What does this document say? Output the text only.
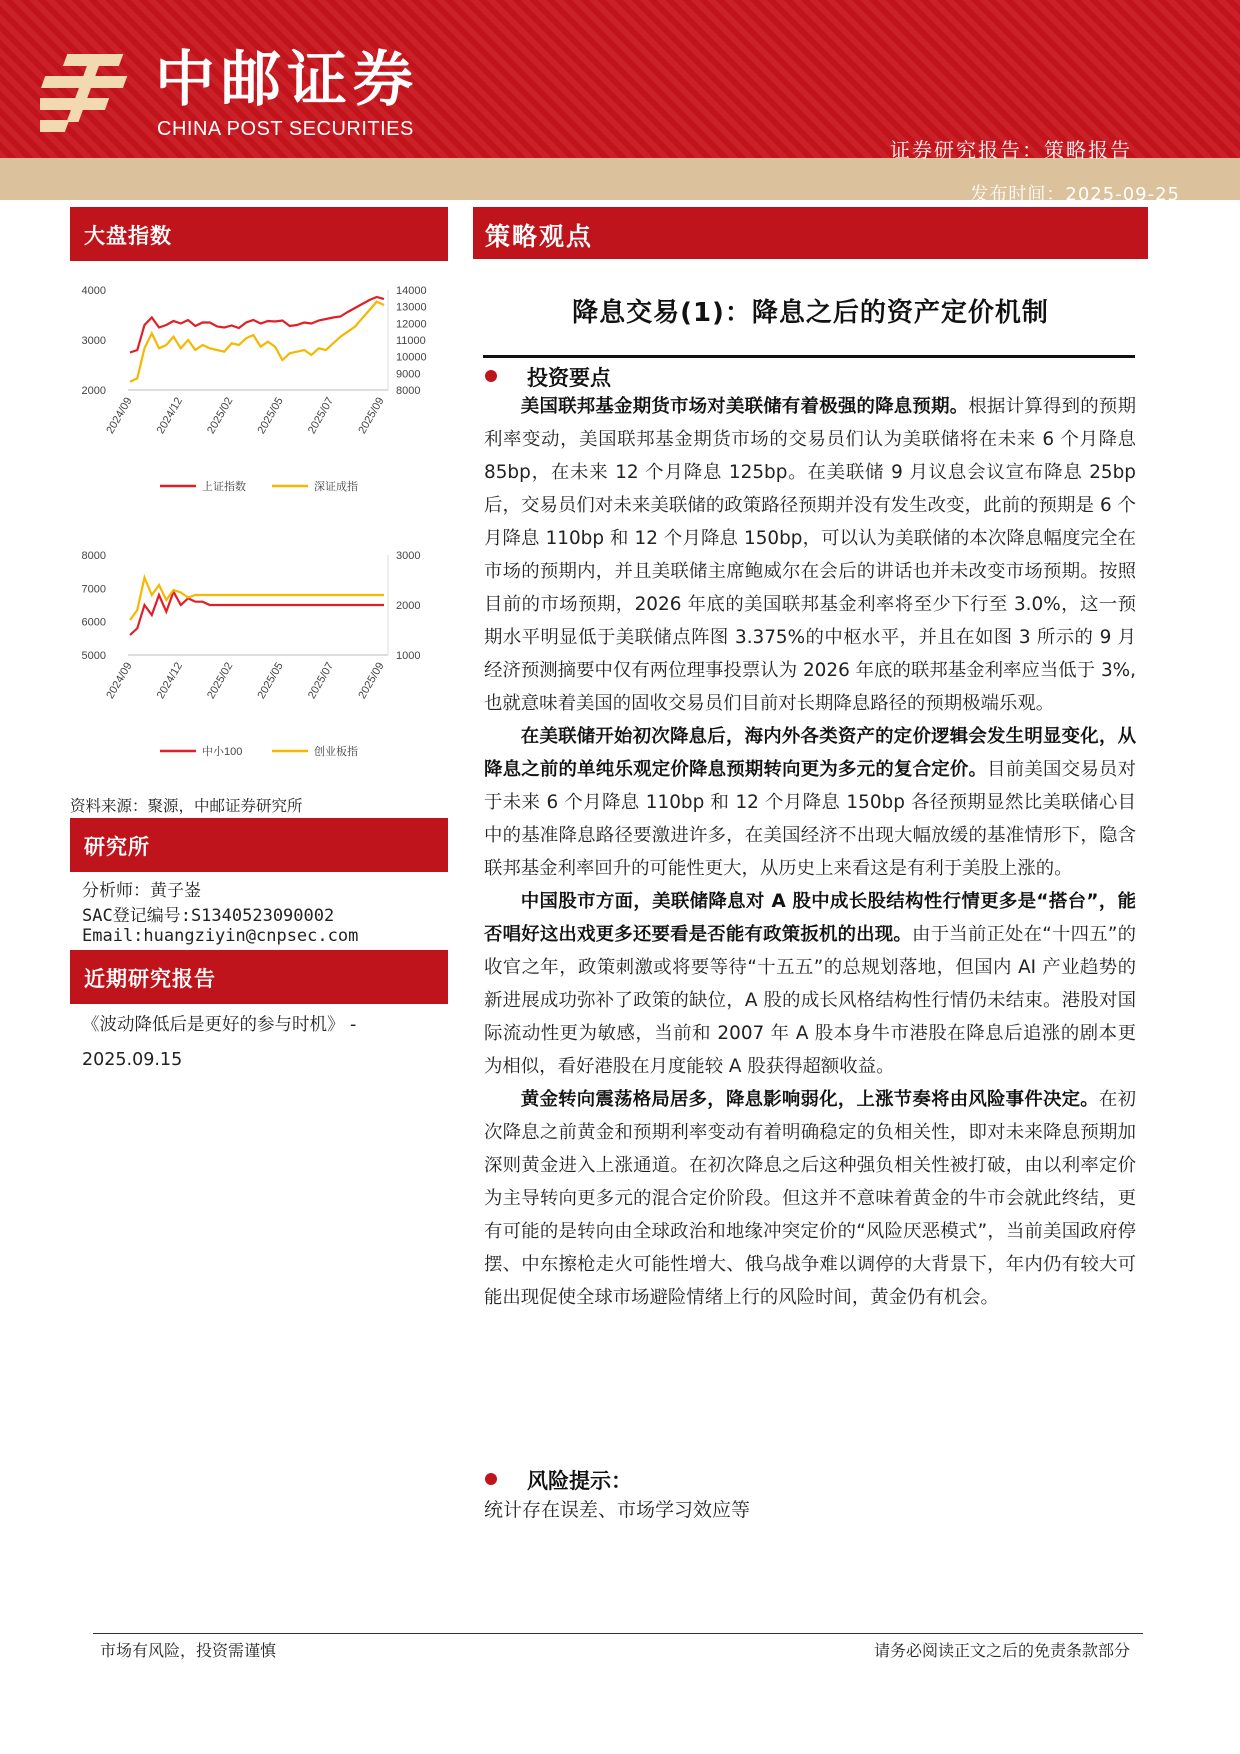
中邮证券
CHINA POST SECURITIES
证券研究报告：策略报告
发布时间：2025-09-25
大盘指数
4000
3000
2000
14000
13000
12000
11000
10000
9000
8000
2024/09 2024/12 2025/02 2025/05 2025/07 2025/09
上证指数	深证成指
8000
7000
6000
5000
3000
2000
1000
2024/09 2024/12 2025/02 2025/05 2025/07 2025/09
中小100	创业板指
资料来源：聚源，中邮证券研究所
研究所
分析师：黄子崟
SAC登记编号:S1340523090002
Email:huangziyin@cnpsec.com
近期研究报告
《波动降低后是更好的参与时机》 - 2025.09.15
策略观点
降息交易(1)：降息之后的资产定价机制
投资要点

美国联邦基金期货市场对美联储有着极强的降息预期。根据计算得到的预期利率变动，美国联邦基金期货市场的交易员们认为美联储将在未来 6 个月降息 85bp，在未来 12 个月降息 125bp。在美联储 9 月议息会议宣布降息 25bp 后，交易员们对未来美联储的政策路径预期并没有发生改变，此前的预期是 6 个月降息 110bp 和 12 个月降息 150bp，可以认为美联储的本次降息幅度完全在市场的预期内，并且美联储主席鲍威尔在会后的讲话也并未改变市场预期。按照目前的市场预期，2026 年底的美国联邦基金利率将至少下行至 3.0%，这一预期水平明显低于美联储点阵图 3.375%的中枢水平，并且在如图 3 所示的 9 月经济预测摘要中仅有两位理事投票认为 2026 年底的联邦基金利率应当低于 3%,也就意味着美国的固收交易员们目前对长期降息路径的预期极端乐观。

在美联储开始初次降息后，海内外各类资产的定价逻辑会发生明显变化，从降息之前的单纯乐观定价降息预期转向更为多元的复合定价。目前美国交易员对于未来 6 个月降息 110bp 和 12 个月降息 150bp 各径预期显然比美联储心目中的基准降息路径要激进许多，在美国经济不出现大幅放缓的基准情形下，隐含联邦基金利率回升的可能性更大，从历史上来看这是有利于美股上涨的。

中国股市方面，美联储降息对 A 股中成长股结构性行情更多是“搭台”，能否唱好这出戏更多还要看是否能有政策扳机的出现。由于当前正处在“十四五”的收官之年，政策刺激或将要等待“十五五”的总规划落地，但国内 AI 产业趋势的新进展成功弥补了政策的缺位，A 股的成长风格结构性行情仍未结束。港股对国际流动性更为敏感，当前和 2007 年 A 股本身牛市港股在降息后追涨的剧本更为相似，看好港股在月度能较 A 股获得超额收益。

黄金转向震荡格局居多，降息影响弱化，上涨节奏将由风险事件决定。在初次降息之前黄金和预期利率变动有着明确稳定的负相关性，即对未来降息预期加深则黄金进入上涨通道。在初次降息之后这种强负相关性被打破，由以利率定价为主导转向更多元的混合定价阶段。但这并不意味着黄金的牛市会就此终结，更有可能的是转向由全球政治和地缘冲突定价的“风险厌恶模式”，当前美国政府停摆、中东擦枪走火可能性增大、俄乌战争难以调停的大背景下，年内仍有较大可能出现促使全球市场避险情绪上行的风险时间，黄金仍有机会。

风险提示：
统计存在误差、市场学习效应等
市场有风险，投资需谨慎	请务必阅读正文之后的免责条款部分
